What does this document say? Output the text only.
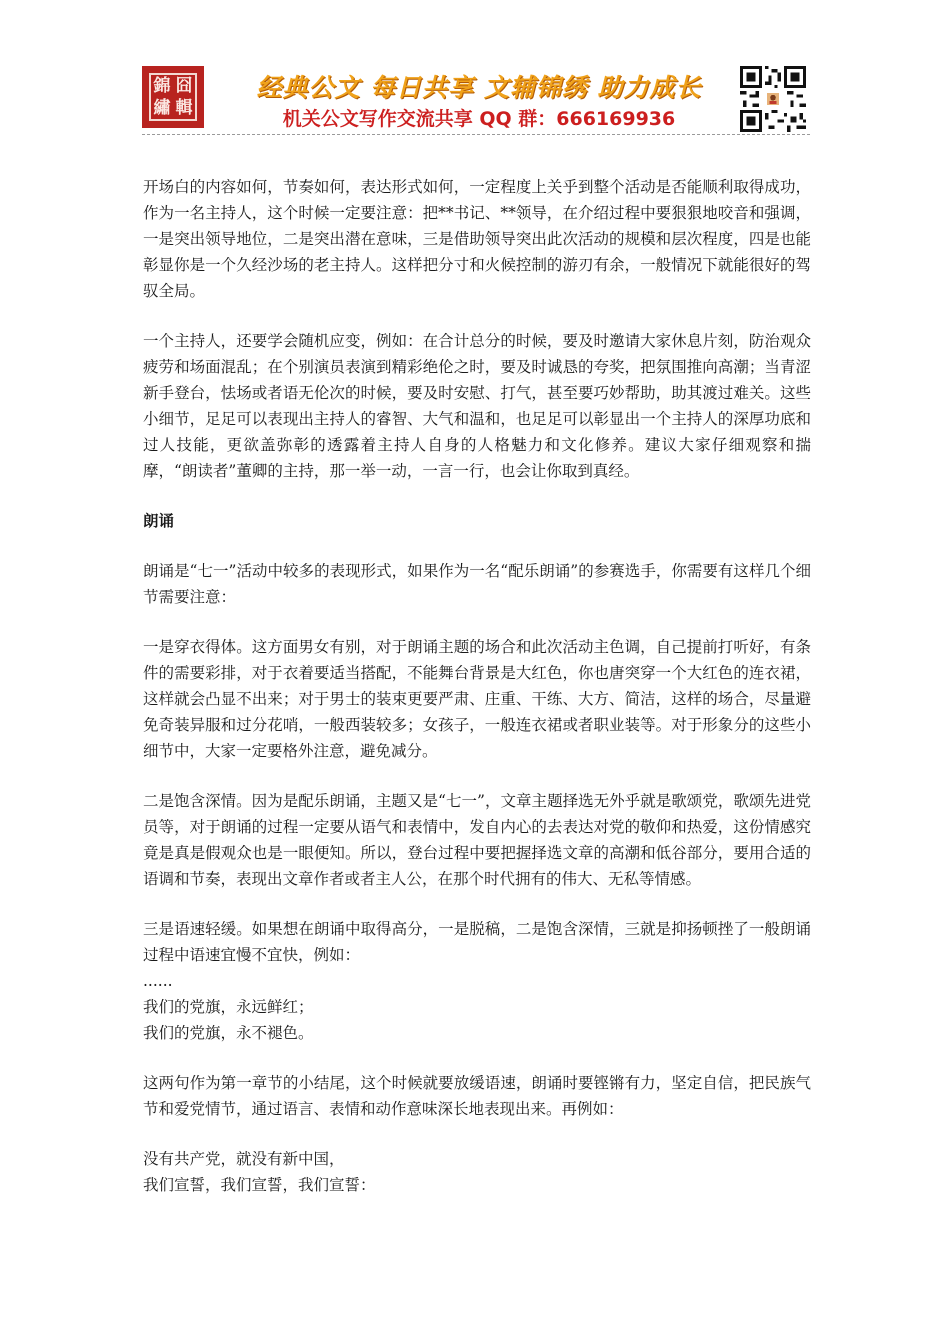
錦 囧
繡 輯
经典公文 每日共享 文辅锦绣 助力成长
机关公文写作交流共享 QQ 群：666169936

开场白的内容如何，节奏如何，表达形式如何，一定程度上关乎到整个活动是否能顺利取得成功，作为一名主持人，这个时候一定要注意：把**书记、**领导，在介绍过程中要狠狠地咬音和强调，一是突出领导地位，二是突出潜在意味，三是借助领导突出此次活动的规模和层次程度，四是也能彰显你是一个久经沙场的老主持人。这样把分寸和火候控制的游刃有余，一般情况下就能很好的驾驭全局。

一个主持人，还要学会随机应变，例如：在合计总分的时候，要及时邀请大家休息片刻，防治观众疲劳和场面混乱；在个别演员表演到精彩绝伦之时，要及时诚恳的夸奖，把氛围推向高潮；当青涩新手登台，怯场或者语无伦次的时候，要及时安慰、打气，甚至要巧妙帮助，助其渡过难关。这些小细节，足足可以表现出主持人的睿智、大气和温和，也足足可以彰显出一个主持人的深厚功底和过人技能，更欲盖弥彰的透露着主持人自身的人格魅力和文化修养。建议大家仔细观察和揣摩，“朗读者”董卿的主持，那一举一动，一言一行，也会让你取到真经。

朗诵

朗诵是“七一”活动中较多的表现形式，如果作为一名“配乐朗诵”的参赛选手，你需要有这样几个细节需要注意：

一是穿衣得体。这方面男女有别，对于朗诵主题的场合和此次活动主色调，自己提前打听好，有条件的需要彩排，对于衣着要适当搭配，不能舞台背景是大红色，你也唐突穿一个大红色的连衣裙，这样就会凸显不出来；对于男士的装束更要严肃、庄重、干练、大方、简洁，这样的场合，尽量避免奇装异服和过分花哨，一般西装较多；女孩子，一般连衣裙或者职业装等。对于形象分的这些小细节中，大家一定要格外注意，避免减分。

二是饱含深情。因为是配乐朗诵，主题又是“七一”，文章主题择选无外乎就是歌颂党，歌颂先进党员等，对于朗诵的过程一定要从语气和表情中，发自内心的去表达对党的敬仰和热爱，这份情感究竟是真是假观众也是一眼便知。所以，登台过程中要把握择选文章的高潮和低谷部分，要用合适的语调和节奏，表现出文章作者或者主人公，在那个时代拥有的伟大、无私等情感。

三是语速轻缓。如果想在朗诵中取得高分，一是脱稿，二是饱含深情，三就是抑扬顿挫了一般朗诵过程中语速宜慢不宜快，例如：

......

我们的党旗，永远鲜红；

我们的党旗，永不褪色。

这两句作为第一章节的小结尾，这个时候就要放缓语速，朗诵时要铿锵有力，坚定自信，把民族气节和爱党情节，通过语言、表情和动作意味深长地表现出来。再例如：

没有共产党，就没有新中国，

我们宣誓，我们宣誓，我们宣誓：
